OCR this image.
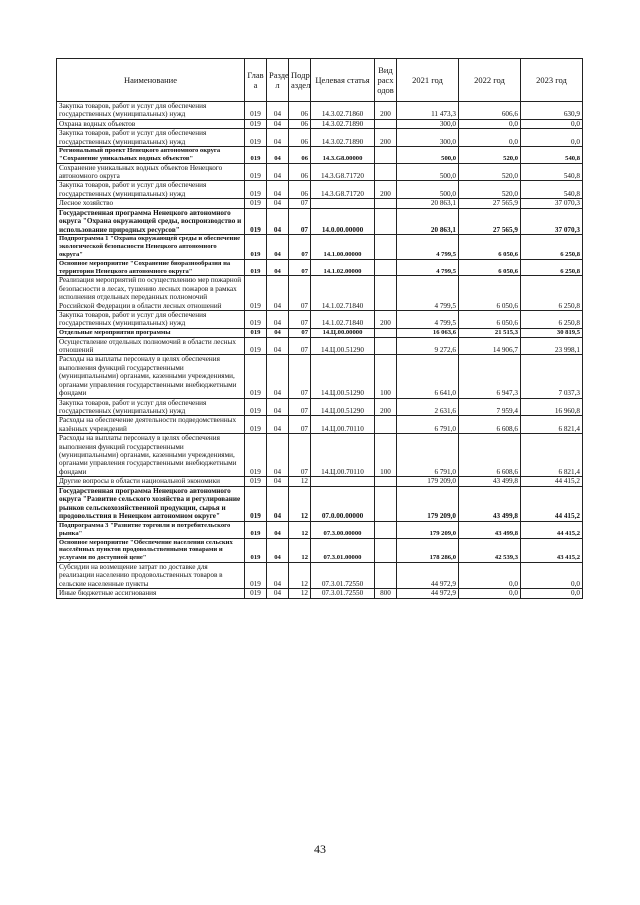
Наименование	Глав а	Разде л	Подр аздел	Целевая статья	Вид расх одов	2021 год	2022 год	2023 год
Закупка товаров, работ и услуг для обеспечения государственных (муниципальных) нужд	019	04	06	14.3.02.71860	200	11 473,3	606,6	630,9
Охрана водных объектов	019	04	06	14.3.02.71890		300,0	0,0	0,0
Закупка товаров, работ и услуг для обеспечения государственных (муниципальных) нужд	019	04	06	14.3.02.71890	200	300,0	0,0	0,0
Региональный проект Ненецкого автономного округа "Сохранение уникальных водных объектов"	019	04	06	14.3.G8.00000		500,0	520,0	540,8
Сохранение уникальных водных объектов Ненецкого автономного округа	019	04	06	14.3.G8.71720		500,0	520,0	540,8
Закупка товаров, работ и услуг для обеспечения государственных (муниципальных) нужд	019	04	06	14.3.G8.71720	200	500,0	520,0	540,8
Лесное хозяйство	019	04	07			20 863,1	27 565,9	37 070,3
Государственная программа Ненецкого автономного округа "Охрана окружающей среды, воспроизводство и использование природных ресурсов"	019	04	07	14.0.00.00000		20 863,1	27 565,9	37 070,3
Подпрограмма 1 "Охрана окружающей среды и обеспечение экологической безопасности Ненецкого автономного округа"	019	04	07	14.1.00.00000		4 799,5	6 050,6	6 250,8
Основное мероприятие "Сохранение биоразнообразия на территории Ненецкого автономного округа"	019	04	07	14.1.02.00000		4 799,5	6 050,6	6 250,8
Реализация мероприятий по осуществлению мер пожарной безопасности в лесах, тушению лесных пожаров в рамках исполнения отдельных переданных полномочий Российской Федерации в области лесных отношений	019	04	07	14.1.02.71840		4 799,5	6 050,6	6 250,8
Закупка товаров, работ и услуг для обеспечения государственных (муниципальных) нужд	019	04	07	14.1.02.71840	200	4 799,5	6 050,6	6 250,8
Отдельные мероприятия программы	019	04	07	14.Ц.00.00000		16 063,6	21 515,3	30 819,5
Осуществление отдельных полномочий в области лесных отношений	019	04	07	14.Ц.00.51290		9 272,6	14 906,7	23 998,1
Расходы на выплаты персоналу в целях обеспечения выполнения функций государственными (муниципальными) органами, казенными учреждениями, органами управления государственными внебюджетными фондами	019	04	07	14.Ц.00.51290	100	6 641,0	6 947,3	7 037,3
Закупка товаров, работ и услуг для обеспечения государственных (муниципальных) нужд	019	04	07	14.Ц.00.51290	200	2 631,6	7 959,4	16 960,8
Расходы на обеспечение деятельности подведомственных казённых учреждений	019	04	07	14.Ц.00.70110		6 791,0	6 608,6	6 821,4
Расходы на выплаты персоналу в целях обеспечения выполнения функций государственными (муниципальными) органами, казенными учреждениями, органами управления государственными внебюджетными фондами	019	04	07	14.Ц.00.70110	100	6 791,0	6 608,6	6 821,4
Другие вопросы в области национальной экономики	019	04	12			179 209,0	43 499,8	44 415,2
Государственная программа Ненецкого автономного округа "Развитие сельского хозяйства и регулирование рынков сельскохозяйственной продукции, сырья и продовольствия в Ненецком автономном округе"	019	04	12	07.0.00.00000		179 209,0	43 499,8	44 415,2
Подпрограмма 3 "Развитие торговли и потребительского рынка"	019	04	12	07.3.00.00000		179 209,0	43 499,8	44 415,2
Основное мероприятие "Обеспечение населения сельских населённых пунктов продовольственными товарами и услугами по доступной цене"	019	04	12	07.3.01.00000		178 286,0	42 539,3	43 415,2
Субсидии на возмещение затрат по доставке для реализации населению продовольственных товаров в сельские населенные пункты	019	04	12	07.3.01.72550		44 972,9	0,0	0,0
Иные бюджетные ассигнования	019	04	12	07.3.01.72550	800	44 972,9	0,0	0,0
43
